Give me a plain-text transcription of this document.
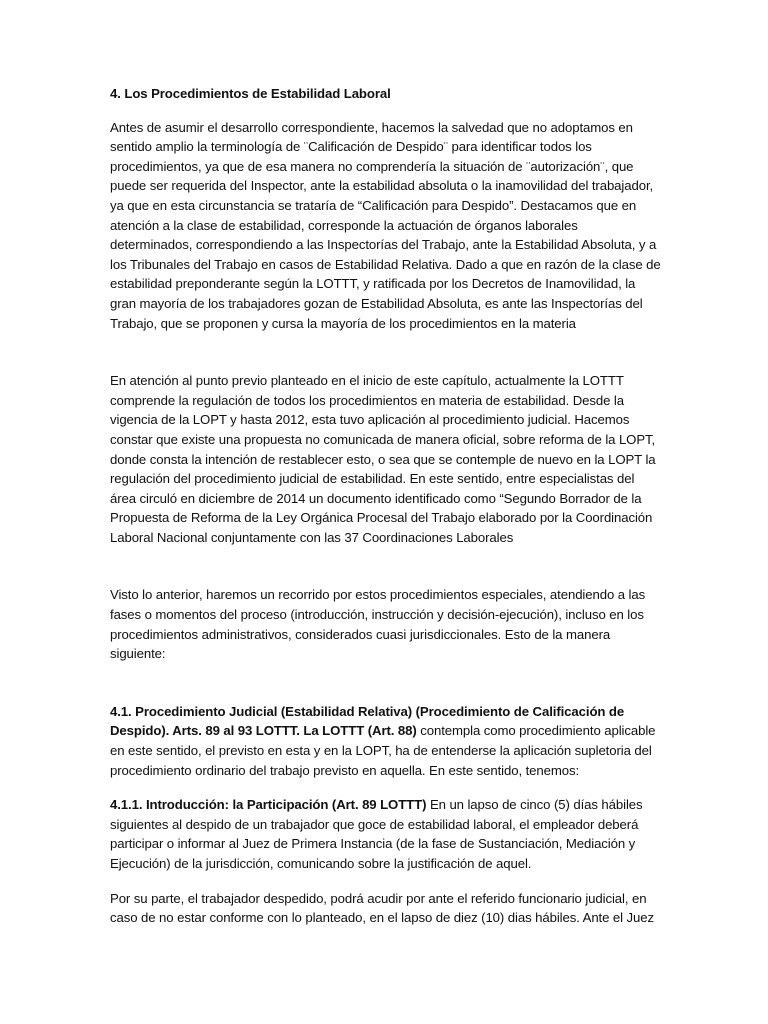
4. Los Procedimientos de Estabilidad Laboral

Antes de asumir el desarrollo correspondiente, hacemos la salvedad que no adoptamos en sentido amplio la terminología de ¨Calificación de Despido¨ para identificar todos los procedimientos, ya que de esa manera no comprendería la situación de ¨autorización¨, que puede ser requerida del Inspector, ante la estabilidad absoluta o la inamovilidad del trabajador, ya que en esta circunstancia se trataría de “Calificación para Despido”. Destacamos que en atención a la clase de estabilidad, corresponde la actuación de órganos laborales determinados, correspondiendo a las Inspectorías del Trabajo, ante la Estabilidad Absoluta, y a los Tribunales del Trabajo en casos de Estabilidad Relativa. Dado a que en razón de la clase de estabilidad preponderante según la LOTTT, y ratificada por los Decretos de Inamovilidad, la gran mayoría de los trabajadores gozan de Estabilidad Absoluta, es ante las Inspectorías del Trabajo, que se proponen y cursa la mayoría de los procedimientos en la materia

En atención al punto previo planteado en el inicio de este capítulo, actualmente la LOTTT comprende la regulación de todos los procedimientos en materia de estabilidad. Desde la vigencia de la LOPT y hasta 2012, esta tuvo aplicación al procedimiento judicial. Hacemos constar que existe una propuesta no comunicada de manera oficial, sobre reforma de la LOPT, donde consta la intención de restablecer esto, o sea que se contemple de nuevo en la LOPT la regulación del procedimiento judicial de estabilidad. En este sentido, entre especialistas del área circuló en diciembre de 2014 un documento identificado como “Segundo Borrador de la Propuesta de Reforma de la Ley Orgánica Procesal del Trabajo elaborado por la Coordinación Laboral Nacional conjuntamente con las 37 Coordinaciones Laborales

Visto lo anterior, haremos un recorrido por estos procedimientos especiales, atendiendo a las fases o momentos del proceso (introducción, instrucción y decisión-ejecución), incluso en los procedimientos administrativos, considerados cuasi jurisdiccionales. Esto de la manera siguiente:

4.1. Procedimiento Judicial (Estabilidad Relativa) (Procedimiento de Calificación de Despido). Arts. 89 al 93 LOTTT. La LOTTT (Art. 88) contempla como procedimiento aplicable en este sentido, el previsto en esta y en la LOPT, ha de entenderse la aplicación supletoria del procedimiento ordinario del trabajo previsto en aquella. En este sentido, tenemos:

4.1.1. Introducción: la Participación (Art. 89 LOTTT) En un lapso de cinco (5) días hábiles siguientes al despido de un trabajador que goce de estabilidad laboral, el empleador deberá participar o informar al Juez de Primera Instancia (de la fase de Sustanciación, Mediación y Ejecución) de la jurisdicción, comunicando sobre la justificación de aquel.

Por su parte, el trabajador despedido, podrá acudir por ante el referido funcionario judicial, en caso de no estar conforme con lo planteado, en el lapso de diez (10) dias hábiles. Ante el Juez
